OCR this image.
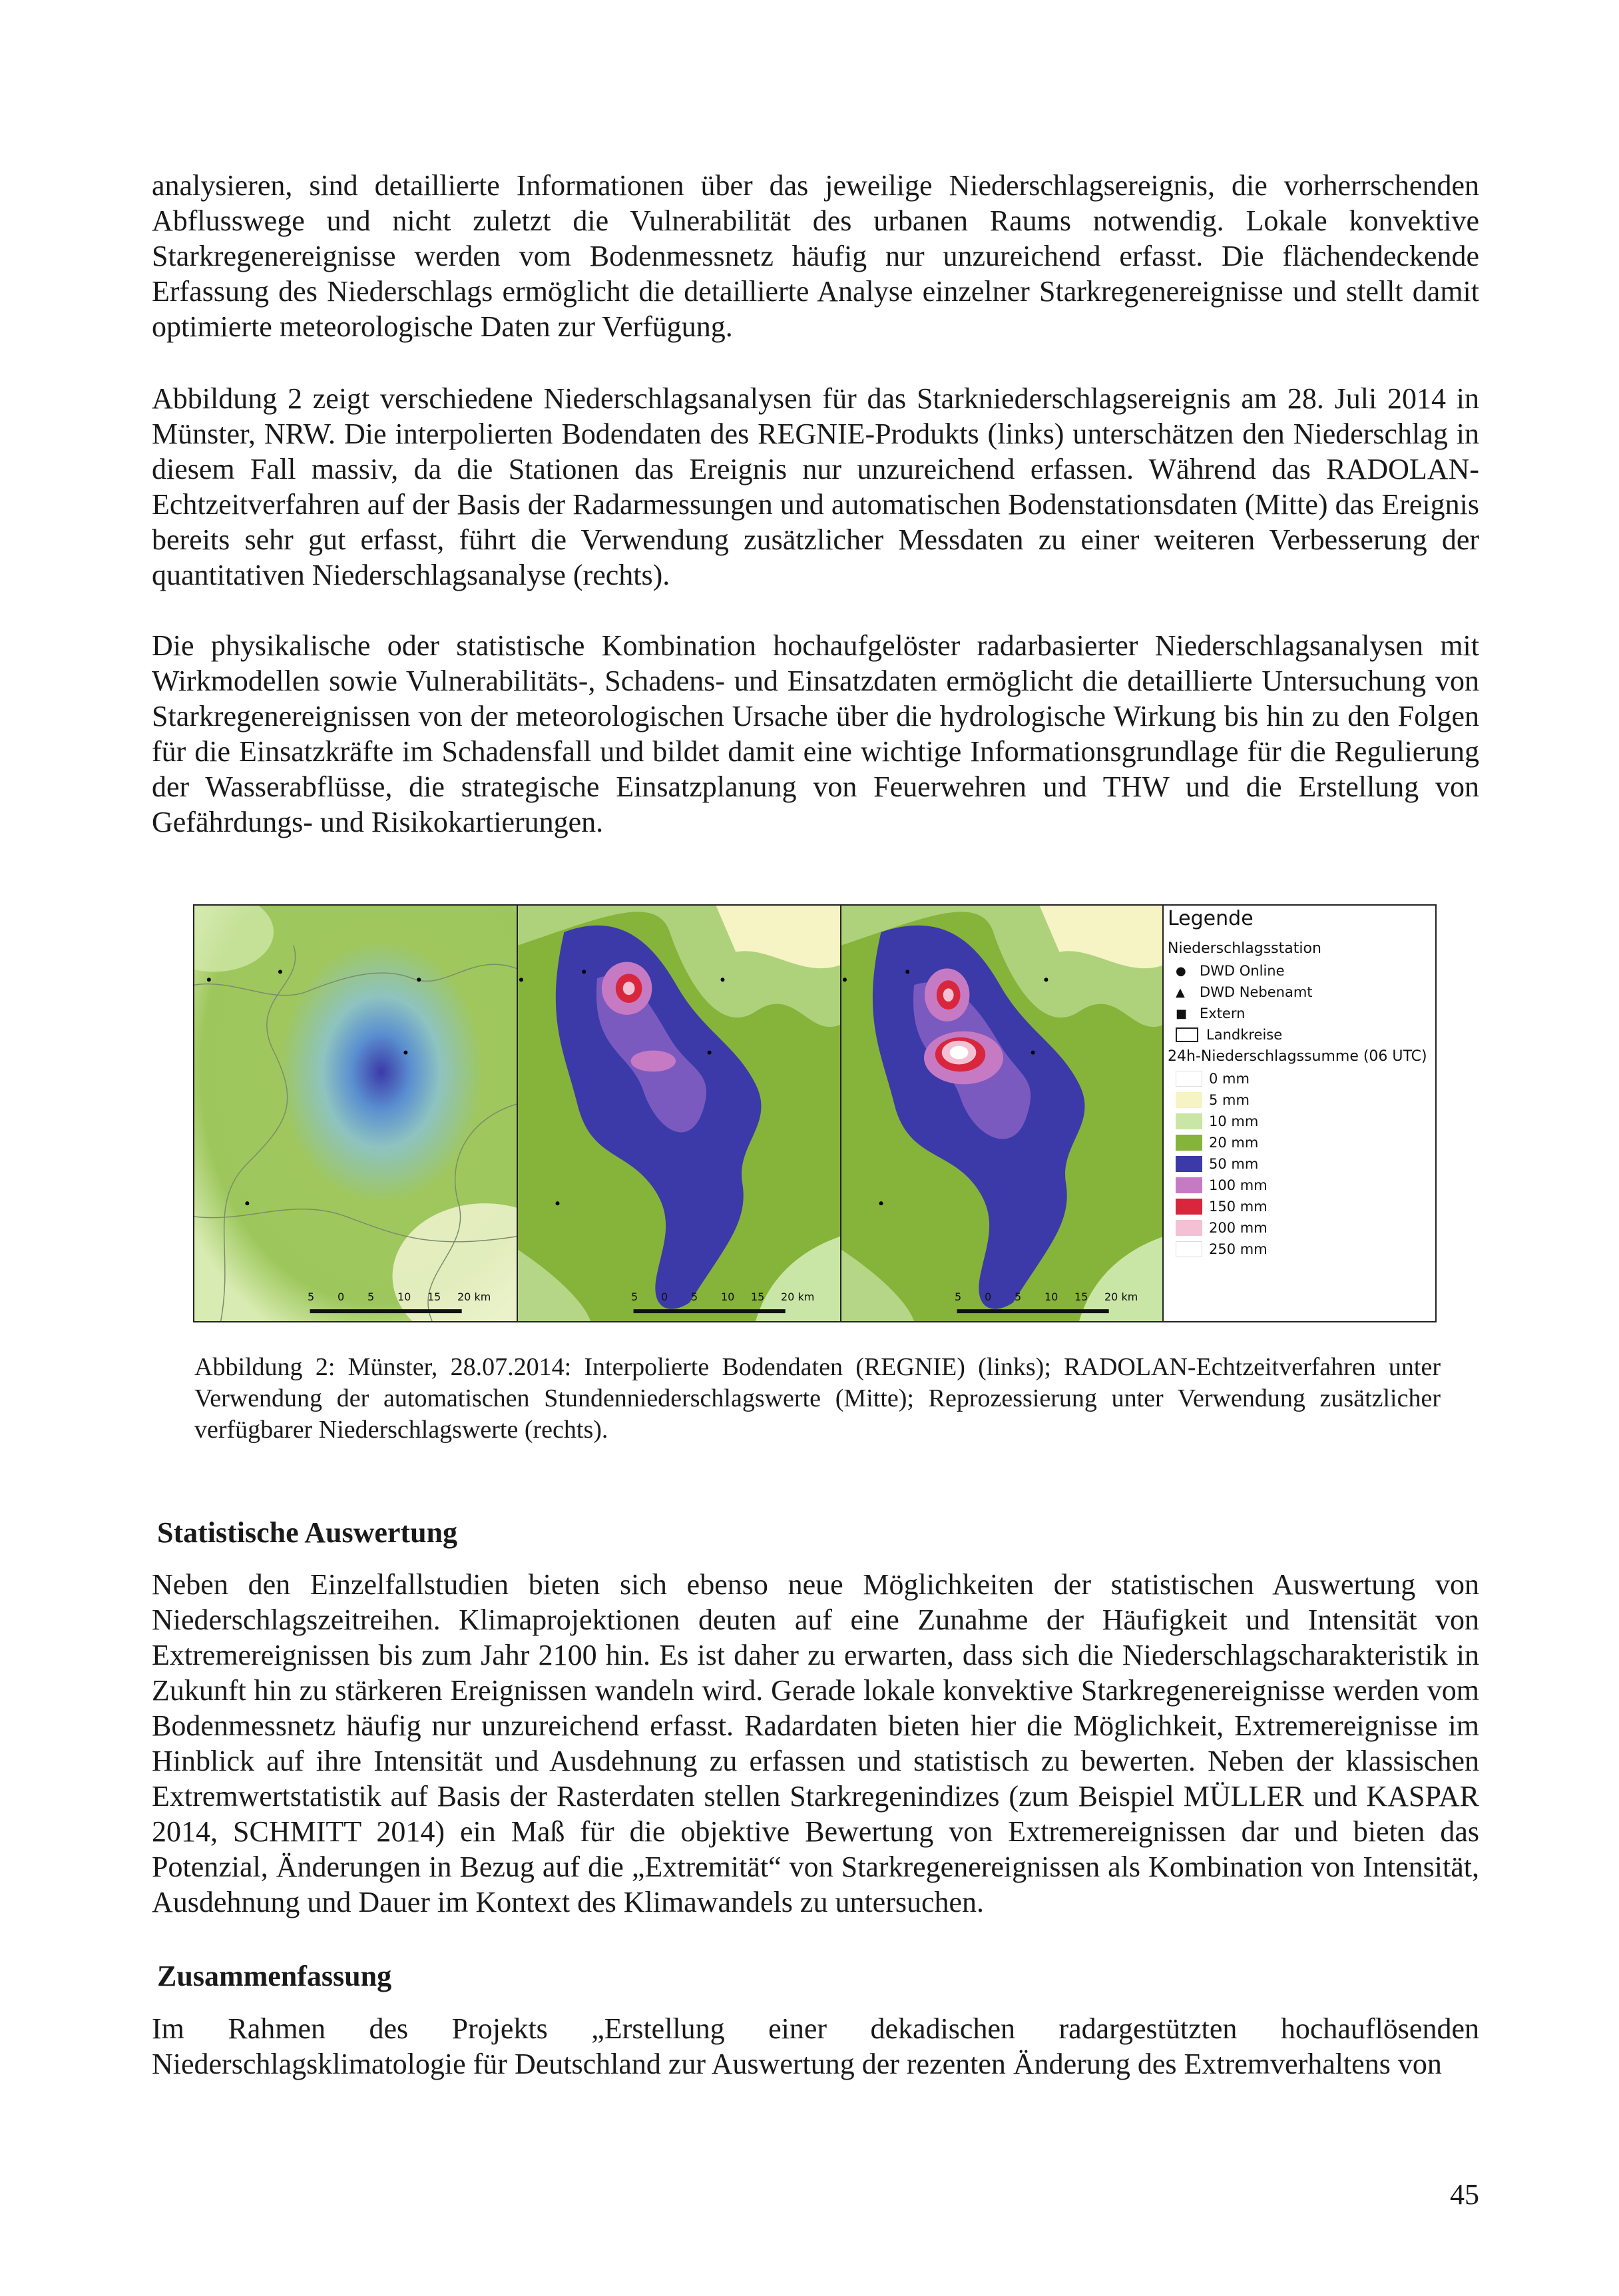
analysieren, sind detaillierte Informationen über das jeweilige Niederschlagsereignis, die vorherrschenden Abflusswege und nicht zuletzt die Vulnerabilität des urbanen Raums notwendig. Lokale konvektive Starkregenereignisse werden vom Bodenmessnetz häufig nur unzureichend erfasst. Die flächendeckende Erfassung des Niederschlags ermöglicht die detaillierte Analyse einzelner Starkregenereignisse und stellt damit optimierte meteorologische Daten zur Verfügung.

Abbildung 2 zeigt verschiedene Niederschlagsanalysen für das Starkniederschlagsereignis am 28. Juli 2014 in Münster, NRW. Die interpolierten Bodendaten des REGNIE-Produkts (links) unterschätzen den Niederschlag in diesem Fall massiv, da die Stationen das Ereignis nur unzureichend erfassen. Während das RADOLAN-Echtzeitverfahren auf der Basis der Radarmessungen und automatischen Bodenstationsdaten (Mitte) das Ereignis bereits sehr gut erfasst, führt die Verwendung zusätzlicher Messdaten zu einer weiteren Verbesserung der quantitativen Niederschlagsanalyse (rechts).

Die physikalische oder statistische Kombination hochaufgelöster radarbasierter Niederschlagsanalysen mit Wirkmodellen sowie Vulnerabilitäts-, Schadens- und Einsatzdaten ermöglicht die detaillierte Untersuchung von Starkregenereignissen von der meteorologischen Ursache über die hydrologische Wirkung bis hin zu den Folgen für die Einsatzkräfte im Schadensfall und bildet damit eine wichtige Informationsgrundlage für die Regulierung der Wasserabflüsse, die strategische Einsatzplanung von Feuerwehren und THW und die Erstellung von Gefährdungs- und Risikokartierungen.

Legende
Niederschlagsstation
● DWD Online
▲	DWD Nebenamt
■ Extern
Landkreise
24h-Niederschlagssumme (06 UTC)
0 mm
5 mm
10 mm
20 mm
50 mm
100 mm
150 mm
200 mm
250 mm
5 0 5 10 15 20 km	5 0 5 10 15 20 km	5 0 5 10 15 20 km

Abbildung 2: Münster, 28.07.2014: Interpolierte Bodendaten (REGNIE) (links); RADOLAN-Echtzeitverfahren unter Verwendung der automatischen Stundenniederschlagswerte (Mitte); Reprozessierung unter Verwendung zusätzlicher verfügbarer Niederschlagswerte (rechts).

Statistische Auswertung

Neben den Einzelfallstudien bieten sich ebenso neue Möglichkeiten der statistischen Auswertung von Niederschlagszeitreihen. Klimaprojektionen deuten auf eine Zunahme der Häufigkeit und Intensität von Extremereignissen bis zum Jahr 2100 hin. Es ist daher zu erwarten, dass sich die Niederschlagscharakteristik in Zukunft hin zu stärkeren Ereignissen wandeln wird. Gerade lokale konvektive Starkregenereignisse werden vom Bodenmessnetz häufig nur unzureichend erfasst. Radardaten bieten hier die Möglichkeit, Extremereignisse im Hinblick auf ihre Intensität und Ausdehnung zu erfassen und statistisch zu bewerten. Neben der klassischen Extremwertstatistik auf Basis der Rasterdaten stellen Starkregenindizes (zum Beispiel MÜLLER und KASPAR 2014, SCHMITT 2014) ein Maß für die objektive Bewertung von Extremereignissen dar und bieten das Potenzial, Änderungen in Bezug auf die „Extremität“ von Starkregenereignissen als Kombination von Intensität, Ausdehnung und Dauer im Kontext des Klimawandels zu untersuchen.

Zusammenfassung

Im Rahmen des Projekts „Erstellung einer dekadischen radargestützten hochauflösenden Niederschlagsklimatologie für Deutschland zur Auswertung der rezenten Änderung des Extremverhaltens von

45
